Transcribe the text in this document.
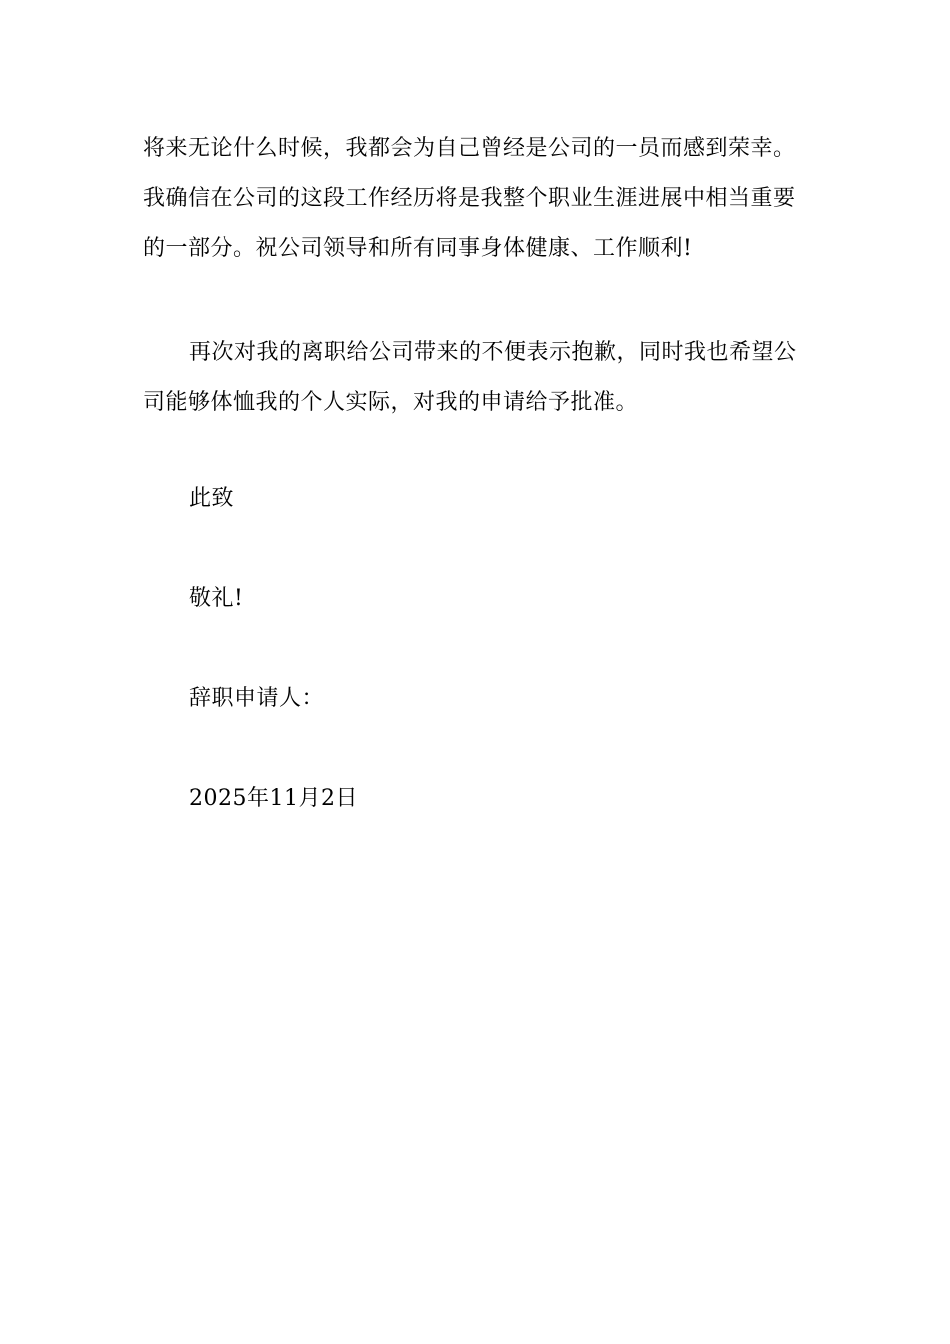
将来无论什么时候，我都会为自己曾经是公司的一员而感到荣幸。我确信在公司的这段工作经历将是我整个职业生涯进展中相当重要的一部分。祝公司领导和所有同事身体健康、工作顺利!

再次对我的离职给公司带来的不便表示抱歉，同时我也希望公司能够体恤我的个人实际，对我的申请给予批准。

此致

敬礼!

辞职申请人：

2025年11月2日
